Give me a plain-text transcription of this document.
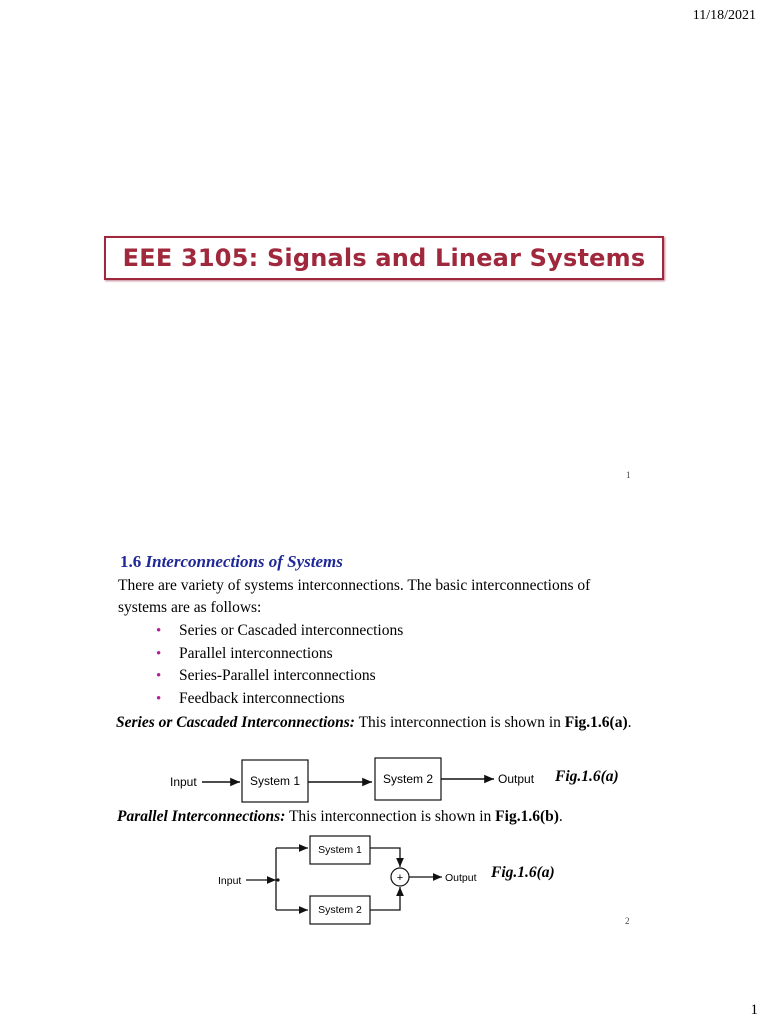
11/18/2021
EEE 3105: Signals and Linear Systems
1
1.6 Interconnections of Systems
There are variety of systems interconnections. The basic interconnections of systems are as follows:
•	Series or Cascaded interconnections
•	Parallel interconnections
•	Series-Parallel interconnections
•	Feedback interconnections
Series or Cascaded Interconnections: This interconnection is shown in Fig.1.6(a).
Input	System 1	System 2	Output Fig.1.6(a)
Parallel Interconnections: This interconnection is shown in Fig.1.6(b).
Input
System 1
System 2
+	Output Fig.1.6(a)
2
1
